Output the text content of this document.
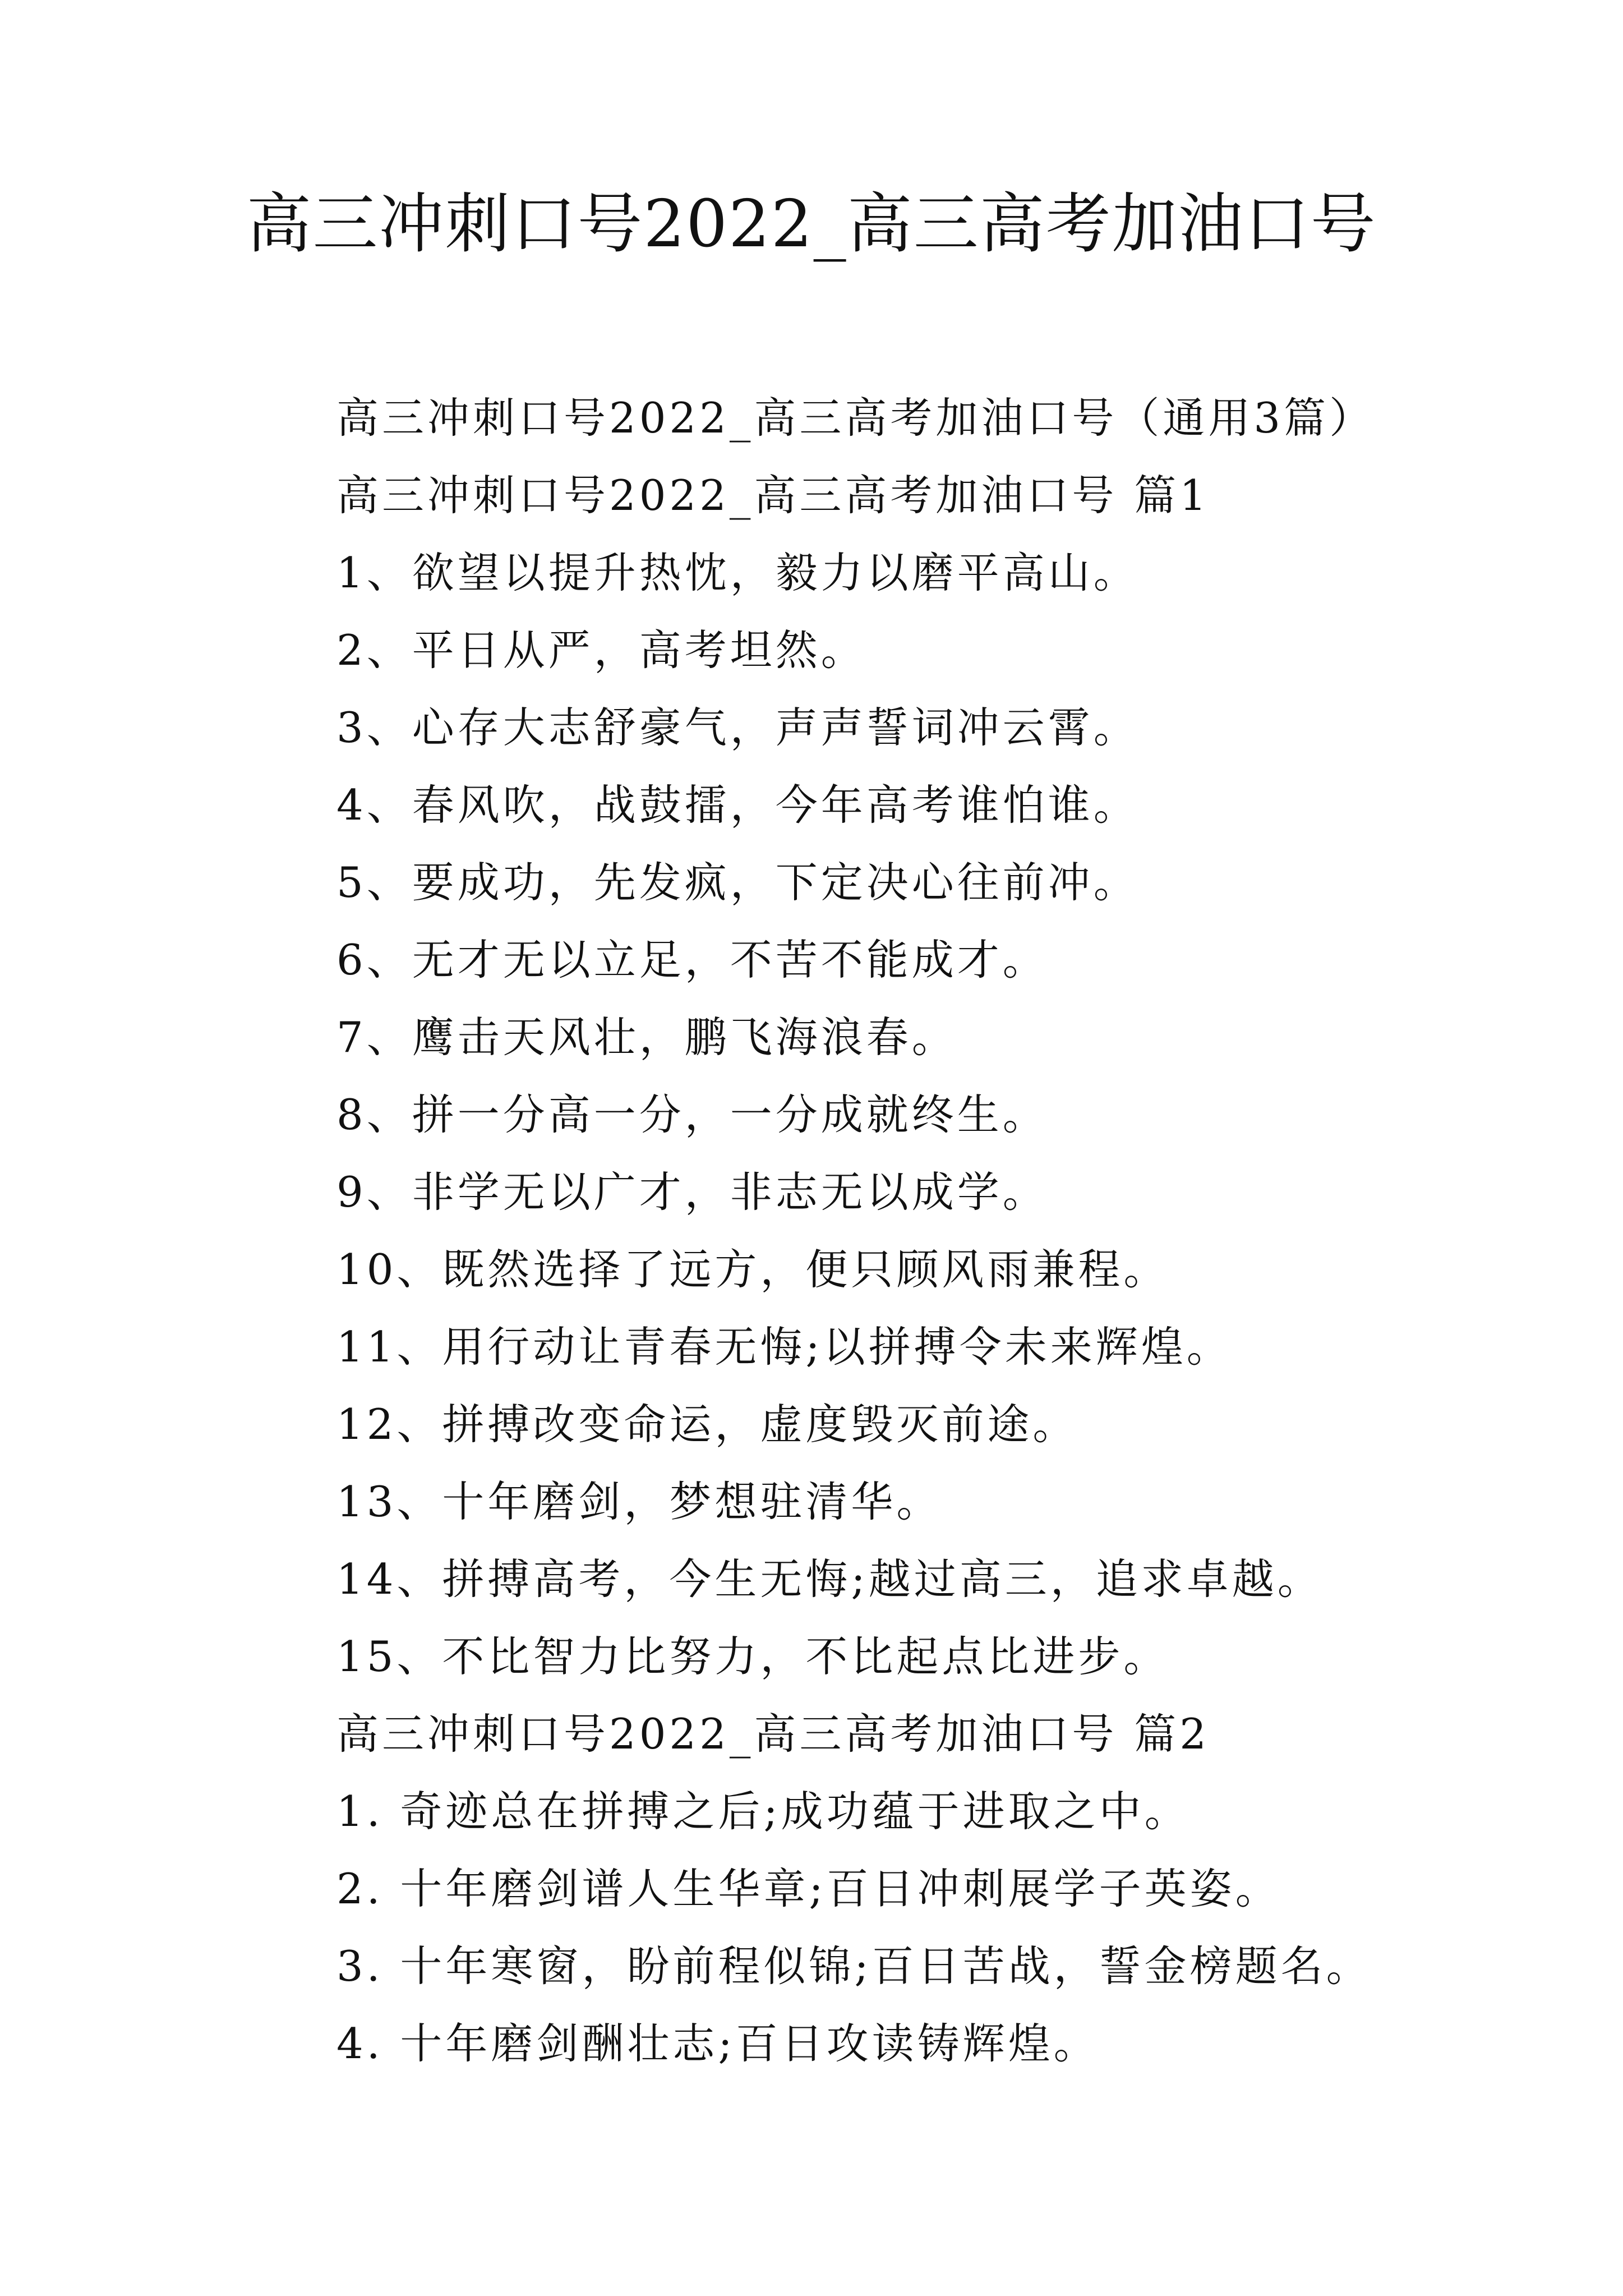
高三冲刺口号2022_高三高考加油口号
高三冲刺口号2022_高三高考加油口号（通用3篇）
高三冲刺口号2022_高三高考加油口号 篇1
1、欲望以提升热忱，毅力以磨平高山。
2、平日从严，高考坦然。
3、心存大志舒豪气，声声誓词冲云霄。
4、春风吹，战鼓擂，今年高考谁怕谁。
5、要成功，先发疯，下定决心往前冲。
6、无才无以立足，不苦不能成才。
7、鹰击天风壮，鹏飞海浪春。
8、拼一分高一分，一分成就终生。
9、非学无以广才，非志无以成学。
10、既然选择了远方，便只顾风雨兼程。
11、用行动让青春无悔;以拼搏令未来辉煌。
12、拼搏改变命运，虚度毁灭前途。
13、十年磨剑，梦想驻清华。
14、拼搏高考，今生无悔;越过高三，追求卓越。
15、不比智力比努力，不比起点比进步。
高三冲刺口号2022_高三高考加油口号 篇2
1. 奇迹总在拼搏之后;成功蕴于进取之中。
2. 十年磨剑谱人生华章;百日冲刺展学子英姿。
3. 十年寒窗，盼前程似锦;百日苦战，誓金榜题名。
4. 十年磨剑酬壮志;百日攻读铸辉煌。
